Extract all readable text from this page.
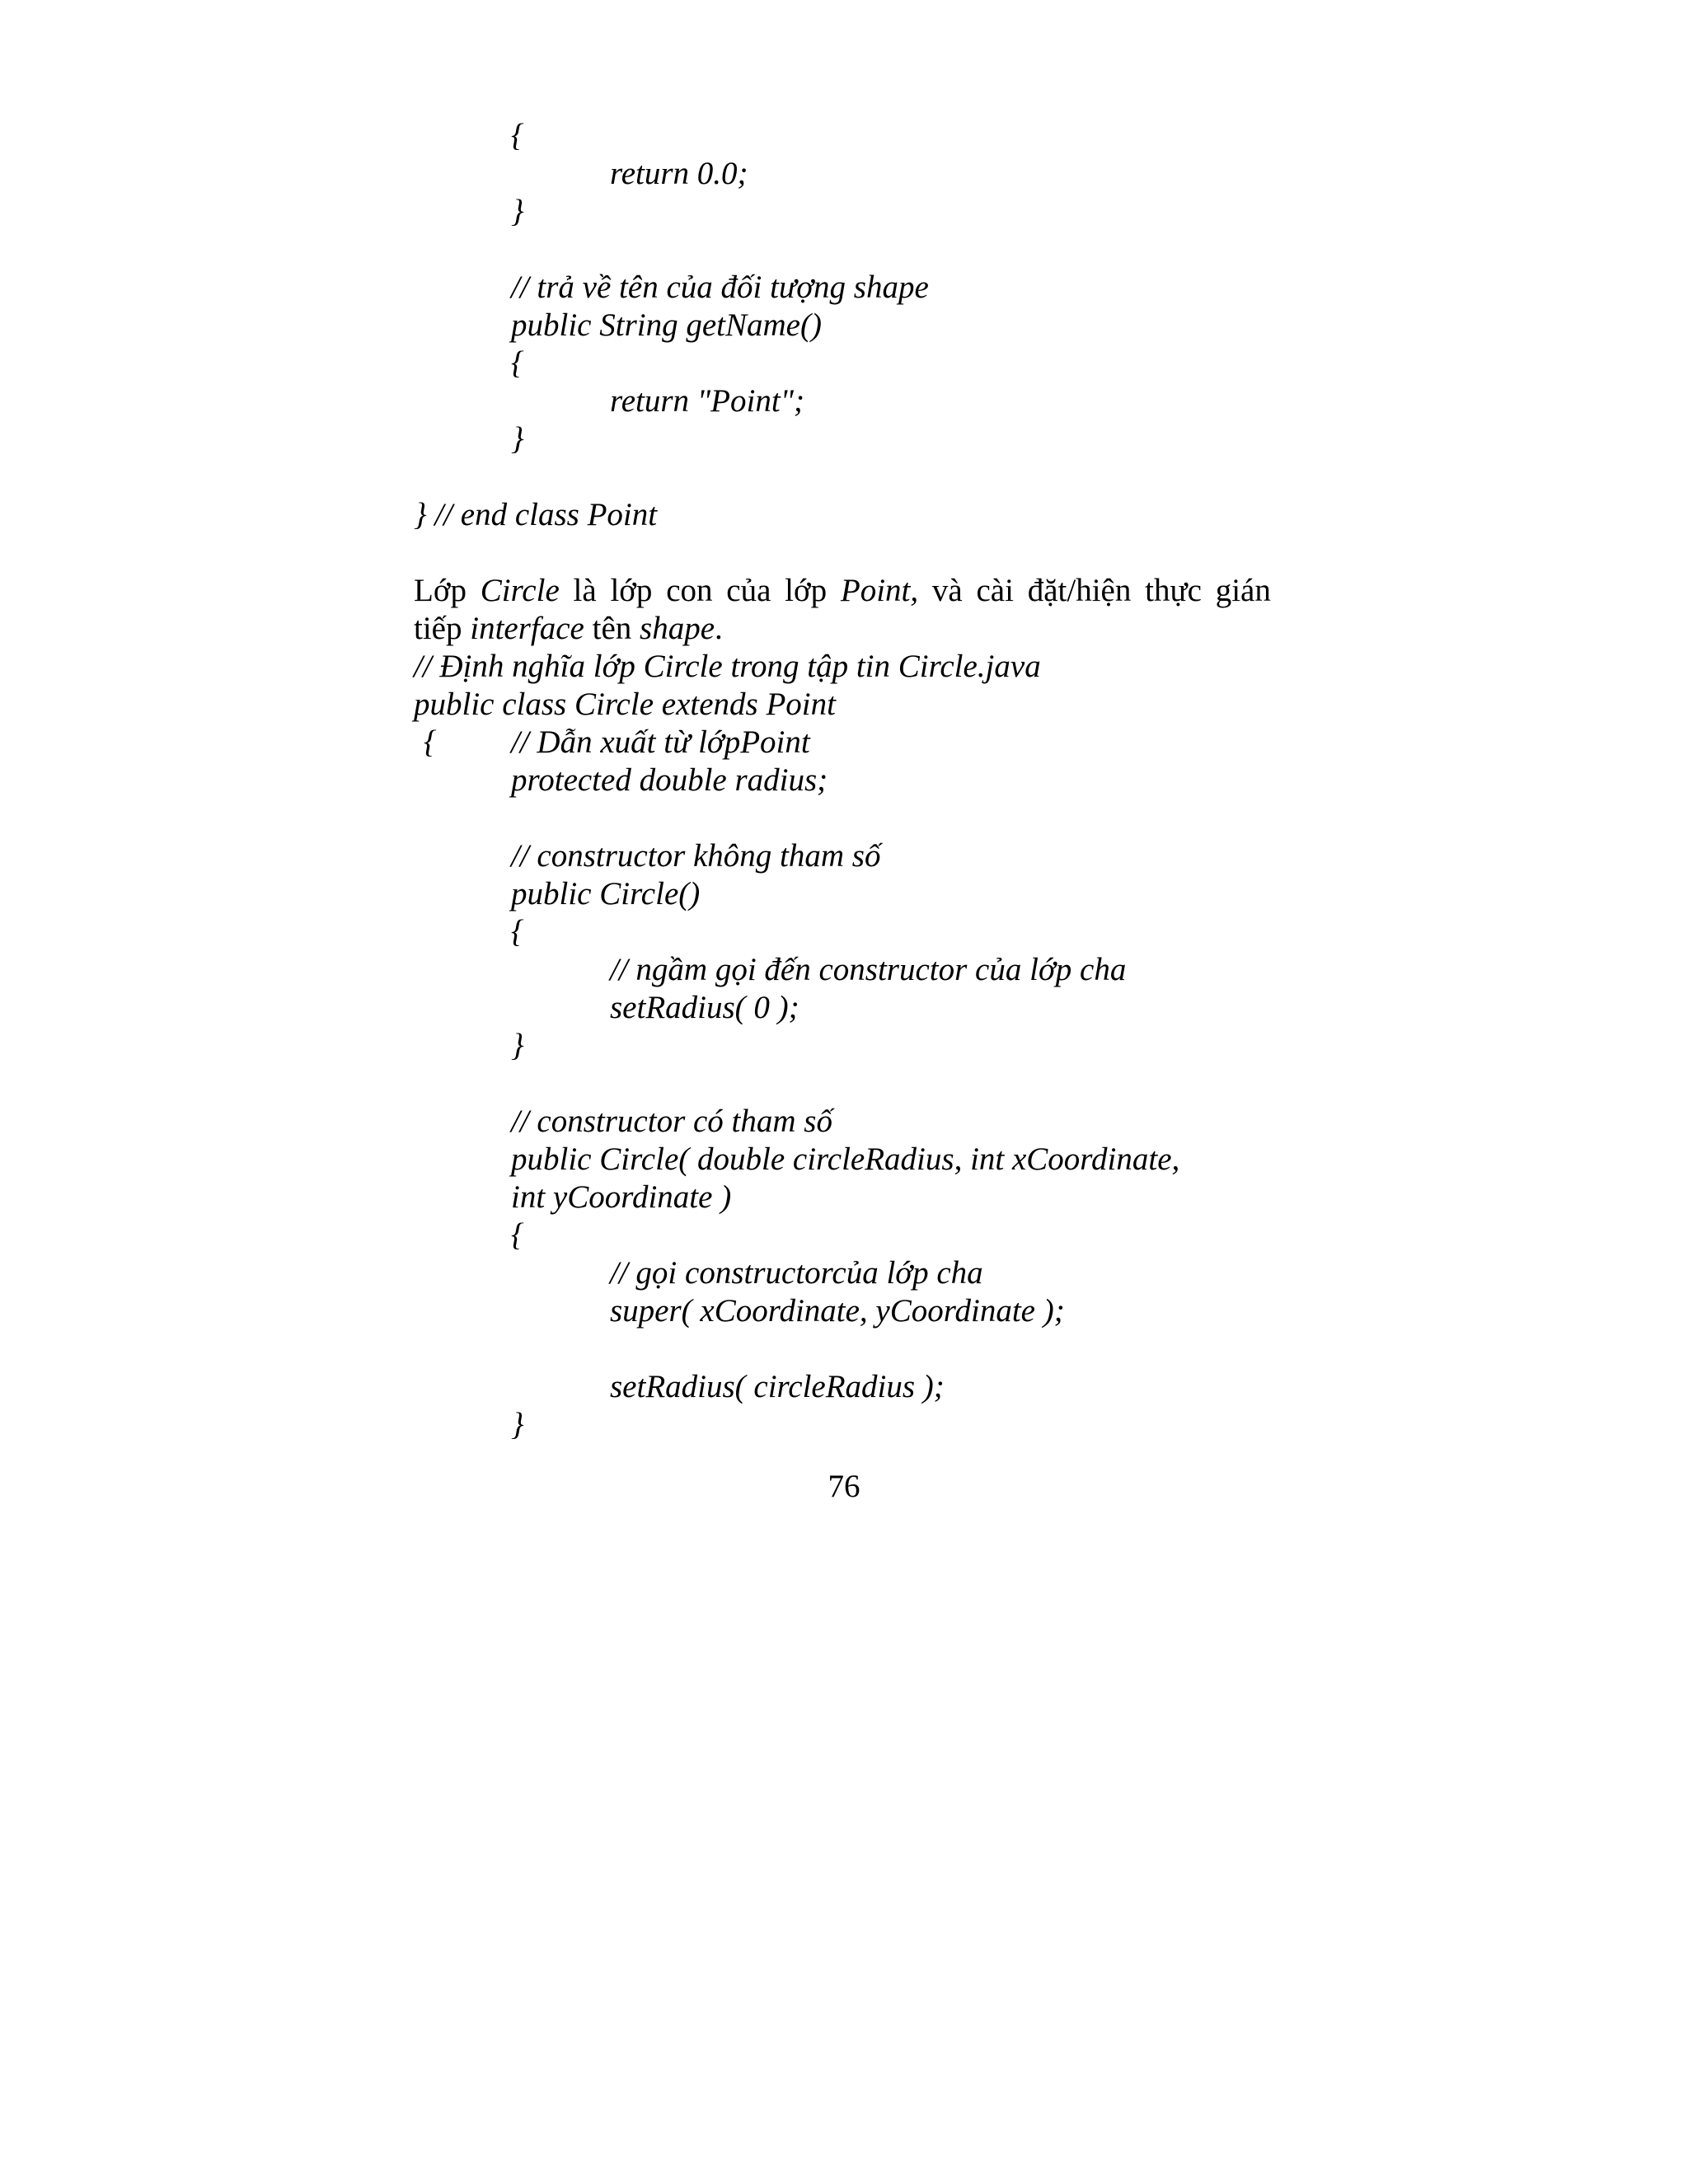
{
return 0.0;
}
// trả về tên của đối tượng shape
public String getName()
{
return "Point";
}
} // end class Point
Lớp Circle là lớp con của lớp Point, và cài đặt/hiện thực gián
tiếp interface tên shape.
// Định nghĩa lớp Circle trong tập tin Circle.java
public class Circle extends Point
{ // Dẫn xuất từ lớpPoint
protected double radius;
// constructor không tham số
public Circle()
{
// ngầm gọi đến constructor của lớp cha
setRadius( 0 );
}
// constructor có tham số
public Circle( double circleRadius, int xCoordinate,
int yCoordinate )
{
// gọi constructorcủa lớp cha
super( xCoordinate, yCoordinate );
setRadius( circleRadius );
}
76
